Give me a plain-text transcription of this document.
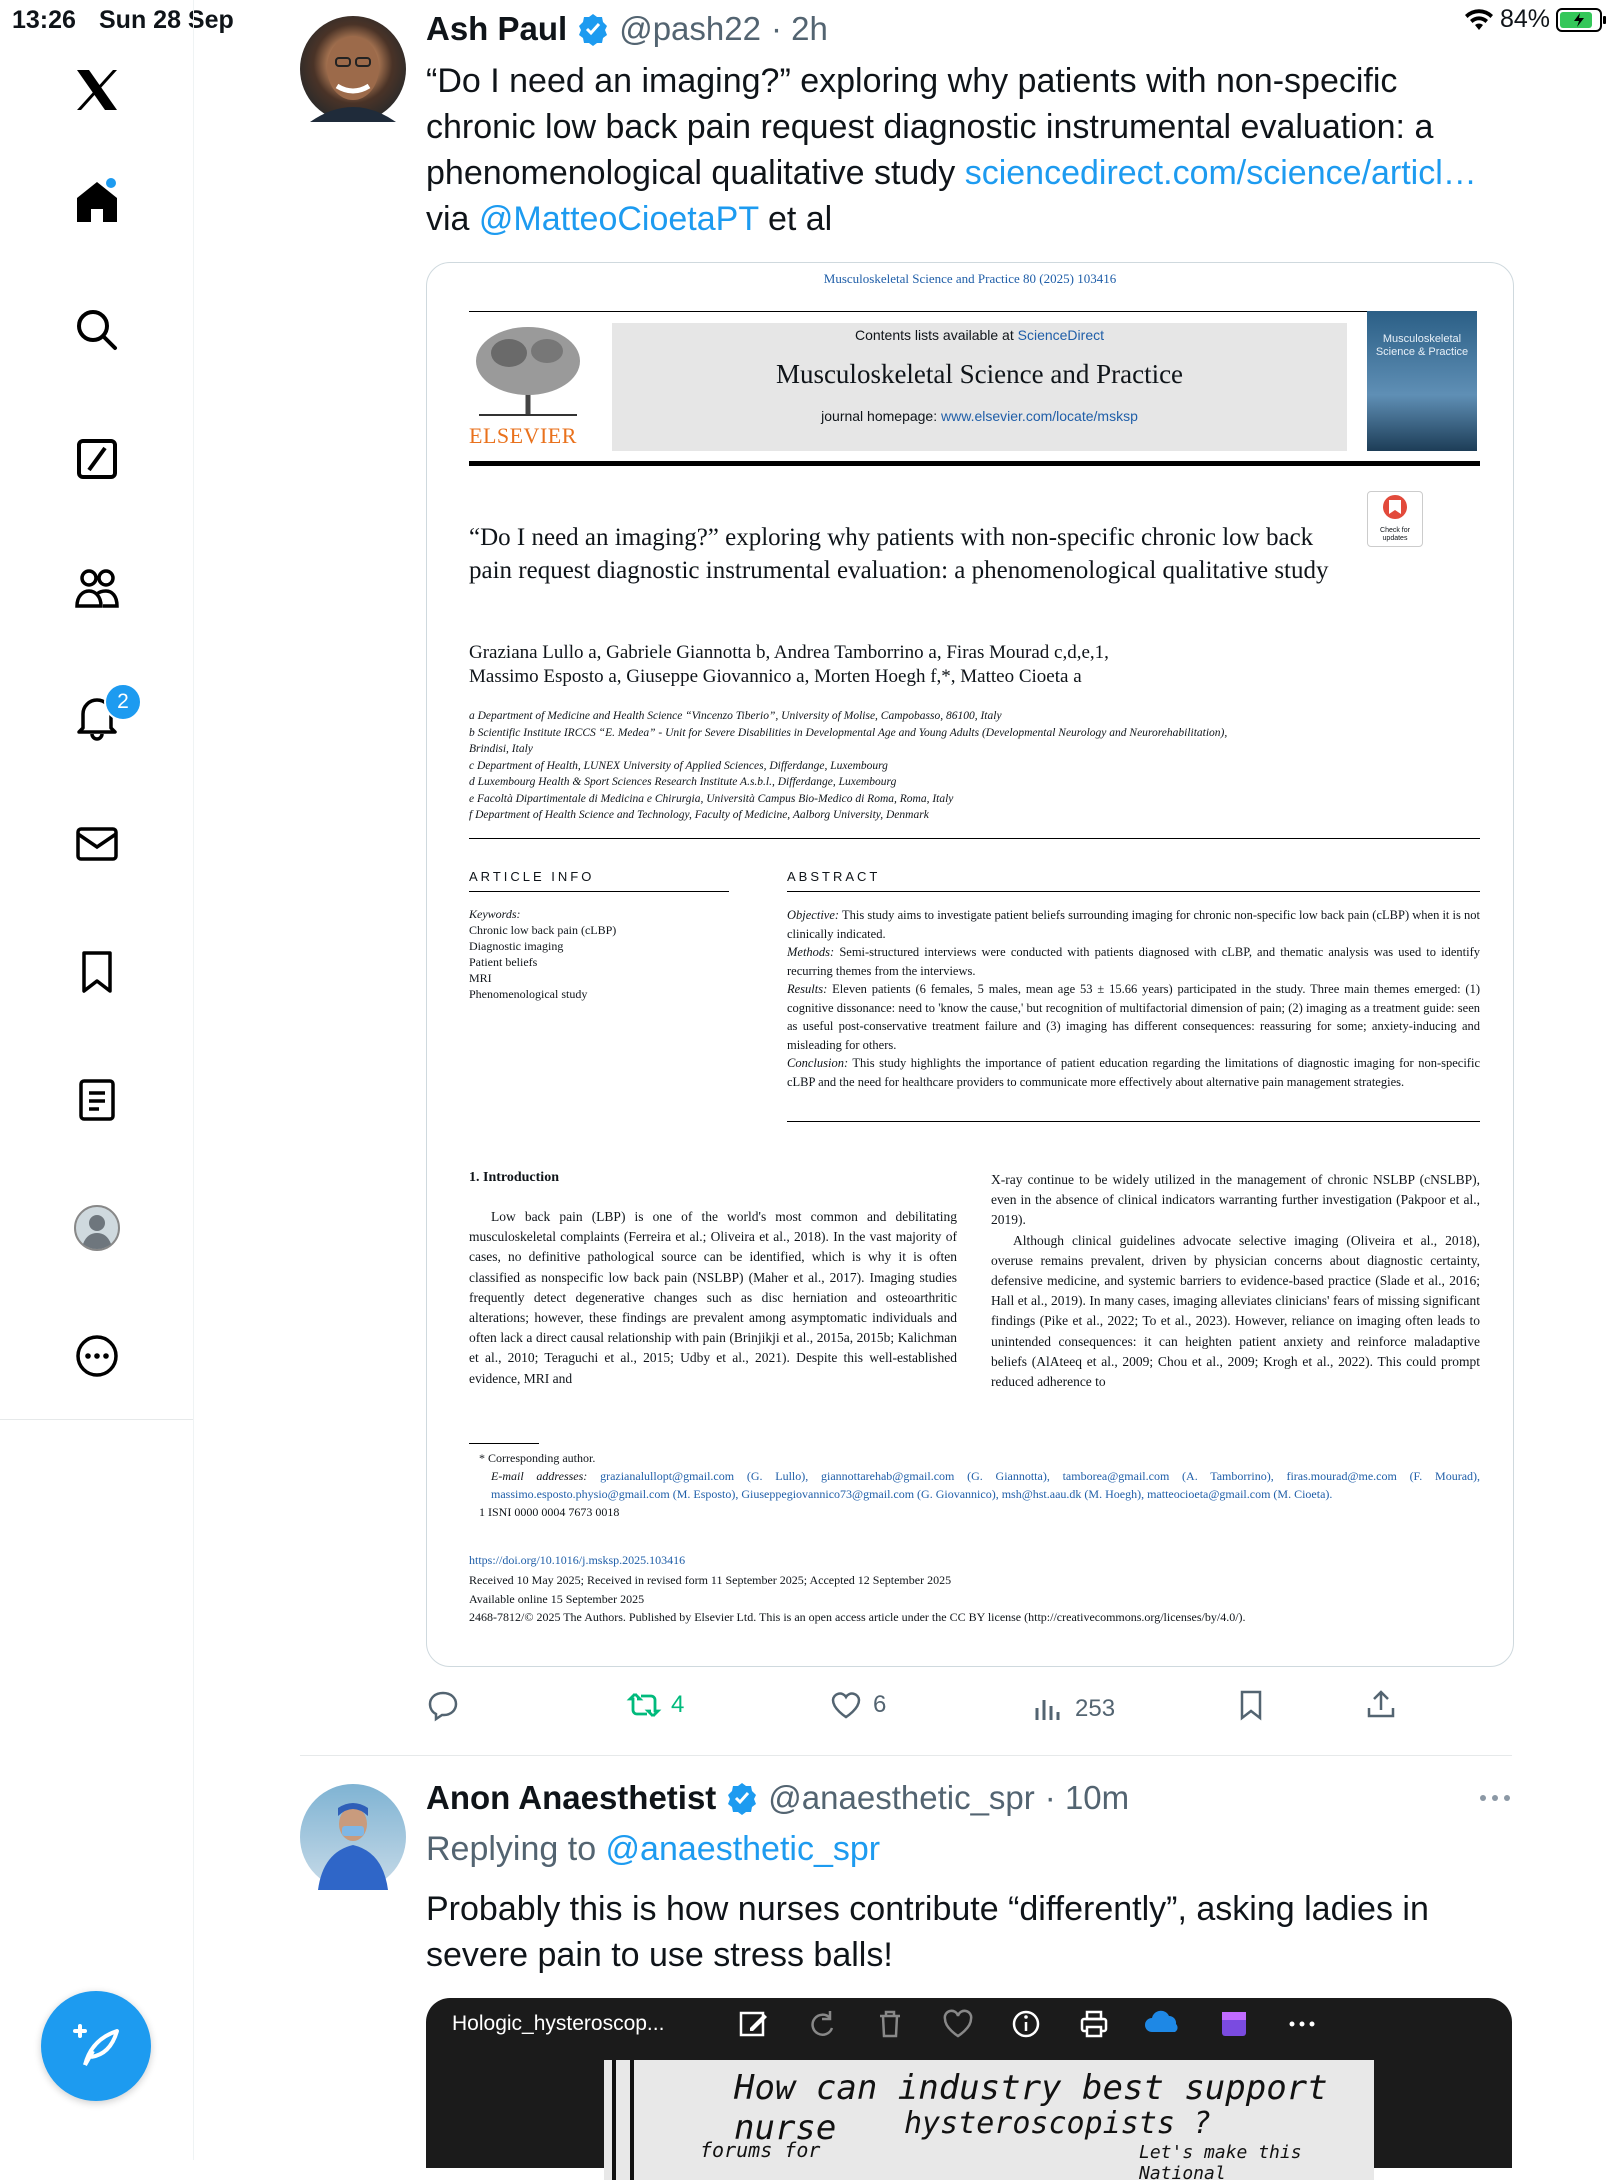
13:26 Sun 28 Sep	84%
2
Ash Paul @pash22 · 2h
“Do I need an imaging?” exploring why patients with non-specific chronic low back pain request diagnostic instrumental evaluation: a phenomenological qualitative study sciencedirect.com/science/articl…
via @MatteoCioetaPT et al
Musculoskeletal Science and Practice 80 (2025) 103416
ELSEVIER
Contents lists available at ScienceDirect
Musculoskeletal Science and Practice
journal homepage: www.elsevier.com/locate/msksp
Musculoskeletal Science & Practice
Check for updates
“Do I need an imaging?” exploring why patients with non-specific chronic low back pain request diagnostic instrumental evaluation: a phenomenological qualitative study
Graziana Lullo a, Gabriele Giannotta b, Andrea Tamborrino a, Firas Mourad c,d,e,1,
Massimo Esposto a, Giuseppe Giovannico a, Morten Hoegh f,*, Matteo Cioeta a
a Department of Medicine and Health Science “Vincenzo Tiberio”, University of Molise, Campobasso, 86100, Italy
b Scientific Institute IRCCS “E. Medea” - Unit for Severe Disabilities in Developmental Age and Young Adults (Developmental Neurology and Neurorehabilitation),
Brindisi, Italy
c Department of Health, LUNEX University of Applied Sciences, Differdange, Luxembourg
d Luxembourg Health & Sport Sciences Research Institute A.s.b.l., Differdange, Luxembourg
e Facoltà Dipartimentale di Medicina e Chirurgia, Università Campus Bio-Medico di Roma, Roma, Italy
f Department of Health Science and Technology, Faculty of Medicine, Aalborg University, Denmark
ARTICLE INFO	ABSTRACT
Keywords:
Chronic low back pain (cLBP)
Diagnostic imaging
Patient beliefs
MRI
Phenomenological study
Objective: This study aims to investigate patient beliefs surrounding imaging for chronic non-specific low back pain (cLBP) when it is not clinically indicated.
Methods: Semi-structured interviews were conducted with patients diagnosed with cLBP, and thematic analysis was used to identify recurring themes from the interviews.
Results: Eleven patients (6 females, 5 males, mean age 53 ± 15.66 years) participated in the study. Three main themes emerged: (1) cognitive dissonance: need to 'know the cause,' but recognition of multifactorial dimension of pain; (2) imaging as a treatment guide: seen as useful post-conservative treatment failure and (3) imaging has different consequences: reassuring for some; anxiety-inducing and misleading for others.
Conclusion: This study highlights the importance of patient education regarding the limitations of diagnostic imaging for non-specific cLBP and the need for healthcare providers to communicate more effectively about alternative pain management strategies.
1. Introduction
Low back pain (LBP) is one of the world's most common and debilitating musculoskeletal complaints (Ferreira et al.; Oliveira et al., 2018). In the vast majority of cases, no definitive pathological source can be identified, which is why it is often classified as nonspecific low back pain (NSLBP) (Maher et al., 2017). Imaging studies frequently detect degenerative changes such as disc herniation and osteoarthritic alterations; however, these findings are prevalent among asymptomatic individuals and often lack a direct causal relationship with pain (Brinjikji et al., 2015a, 2015b; Kalichman et al., 2010; Teraguchi et al., 2015; Udby et al., 2021). Despite this well-established evidence, MRI and
X-ray continue to be widely utilized in the management of chronic NSLBP (cNSLBP), even in the absence of clinical indicators warranting further investigation (Pakpoor et al., 2019).
Although clinical guidelines advocate selective imaging (Oliveira et al., 2018), overuse remains prevalent, driven by physician concerns about diagnostic certainty, defensive medicine, and systemic barriers to evidence-based practice (Slade et al., 2016; Hall et al., 2019). In many cases, imaging alleviates clinicians' fears of missing significant findings (Pike et al., 2022; To et al., 2023). However, reliance on imaging often leads to unintended consequences: it can heighten patient anxiety and reinforce maladaptive beliefs (AlAteeq et al., 2009; Chou et al., 2009; Krogh et al., 2022). This could prompt reduced adherence to
* Corresponding author.
E-mail addresses: grazianalullopt@gmail.com (G. Lullo), giannottarehab@gmail.com (G. Giannotta), tamborea@gmail.com (A. Tamborrino), firas.mourad@me.com (F. Mourad), massimo.esposto.physio@gmail.com (M. Esposto), Giuseppegiovannico73@gmail.com (G. Giovannico), msh@hst.aau.dk (M. Hoegh), matteocioeta@gmail.com (M. Cioeta).
1 ISNI 0000 0004 7673 0018
https://doi.org/10.1016/j.msksp.2025.103416
Received 10 May 2025; Received in revised form 11 September 2025; Accepted 12 September 2025
Available online 15 September 2025
2468-7812/© 2025 The Authors. Published by Elsevier Ltd. This is an open access article under the CC BY license (http://creativecommons.org/licenses/by/4.0/).
4	6	253
Anon Anaesthetist @anaesthetic_spr · 10m
Replying to @anaesthetic_spr
Probably this is how nurses contribute “differently”, asking ladies in severe pain to use stress balls!
Hologic_hysteroscop...
How can industry best support nurse	hysteroscopists ?
forums for	Let's make this National
